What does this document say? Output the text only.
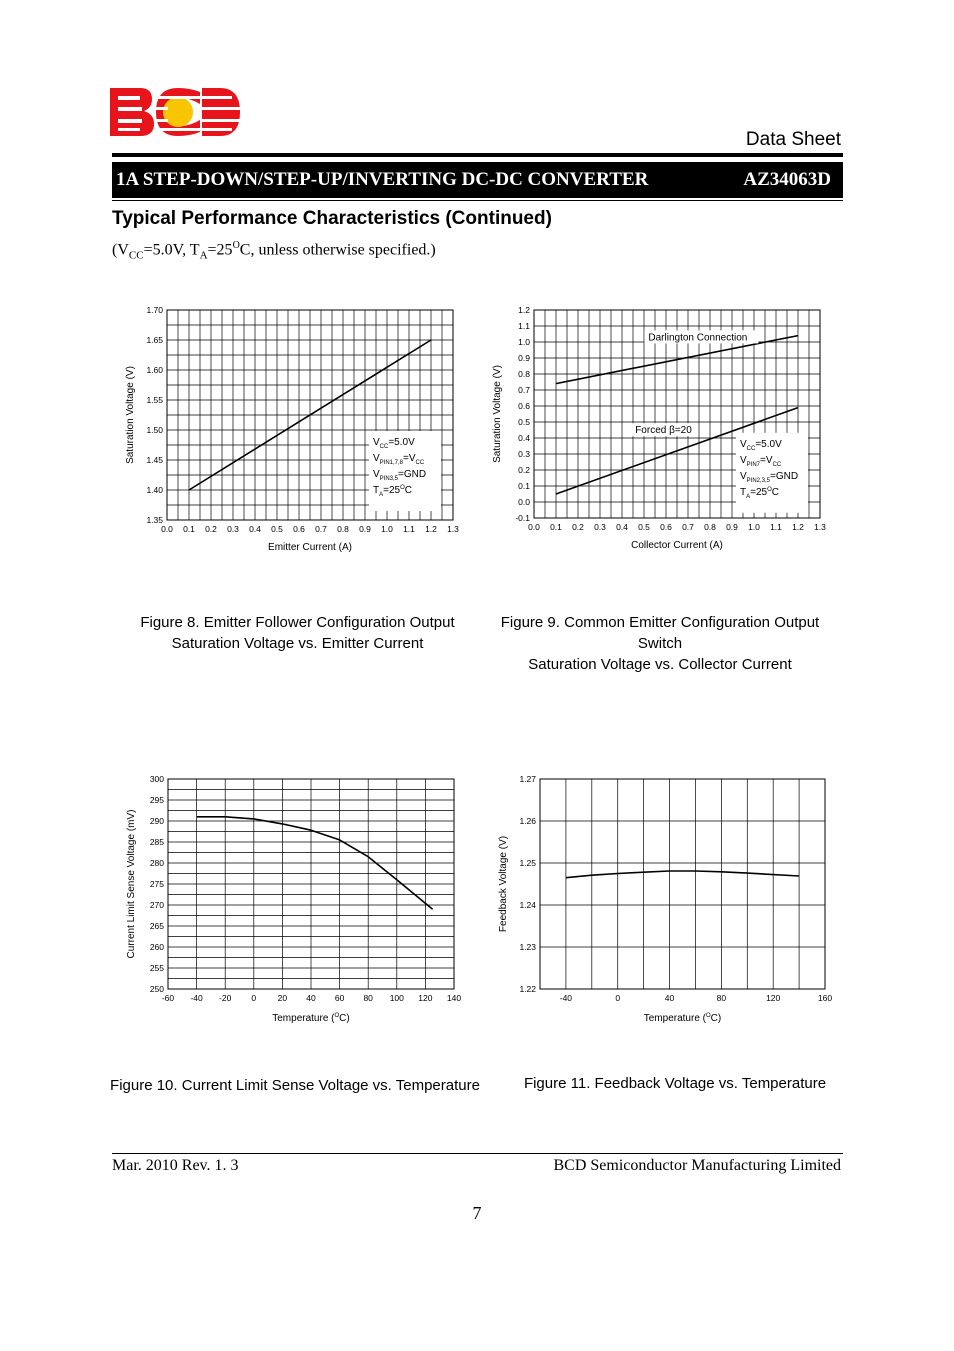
Data Sheet
1A STEP-DOWN/STEP-UP/INVERTING DC-DC CONVERTER	AZ34063D
Typical Performance Characteristics (Continued)
($V_{CC}=5.0V$, $T_A=25^OC$, unless otherwise specified.)
0.0 0.1 0.2 0.3 0.4 0.5 0.6 0.7 0.8 0.9 1.0 1.1 1.2 1.3
1.35
1.40
1.45
1.50
1.55
1.60
1.65
1.70
Emitter Current (A)
Saturation Voltage (V)	$V_{CC}=5.0V$
$V_{PIN1,7,8}=V_{CC}$
$V_{PIN3,5}=GND$
$T_A=25^OC$
0.0 0.1 0.2 0.3 0.4 0.5 0.6 0.7 0.8 0.9 1.0 1.1 1.2 1.3
-0.1
0.0
0.1
0.2
0.3
0.4
0.5
0.6
0.7
0.8
0.9
1.0
1.1
1.2
Collector Current (A)
Saturation Voltage (V)
Darlington Connection
Forced β=20
$V_{CC}=5.0V$
$V_{PIN7}=V_{CC}$
$V_{PIN2,3,5}=GND$
$T_A=25^OC$
-60 -40 -20 0	20 40 60 80 100 120 140
250
255
260
265
270
275
280
285
290
295
300
Temperature ($^O$C)
Current Limit Sense Voltage (mV)
-40	0	40	80	120	160
1.22
1.23
1.24
1.25
1.26
1.27
Temperature ($^O$C)
Feedback Voltage (V)
Figure 8. Emitter Follower Configuration Output
Saturation Voltage vs. Emitter Current
Figure 9. Common Emitter Configuration Output Switch
Saturation Voltage vs. Collector Current
Figure 10. Current Limit Sense Voltage vs. Temperature	Figure 11. Feedback Voltage vs. Temperature
Mar. 2010 Rev. 1. 3	BCD Semiconductor Manufacturing Limited
7
